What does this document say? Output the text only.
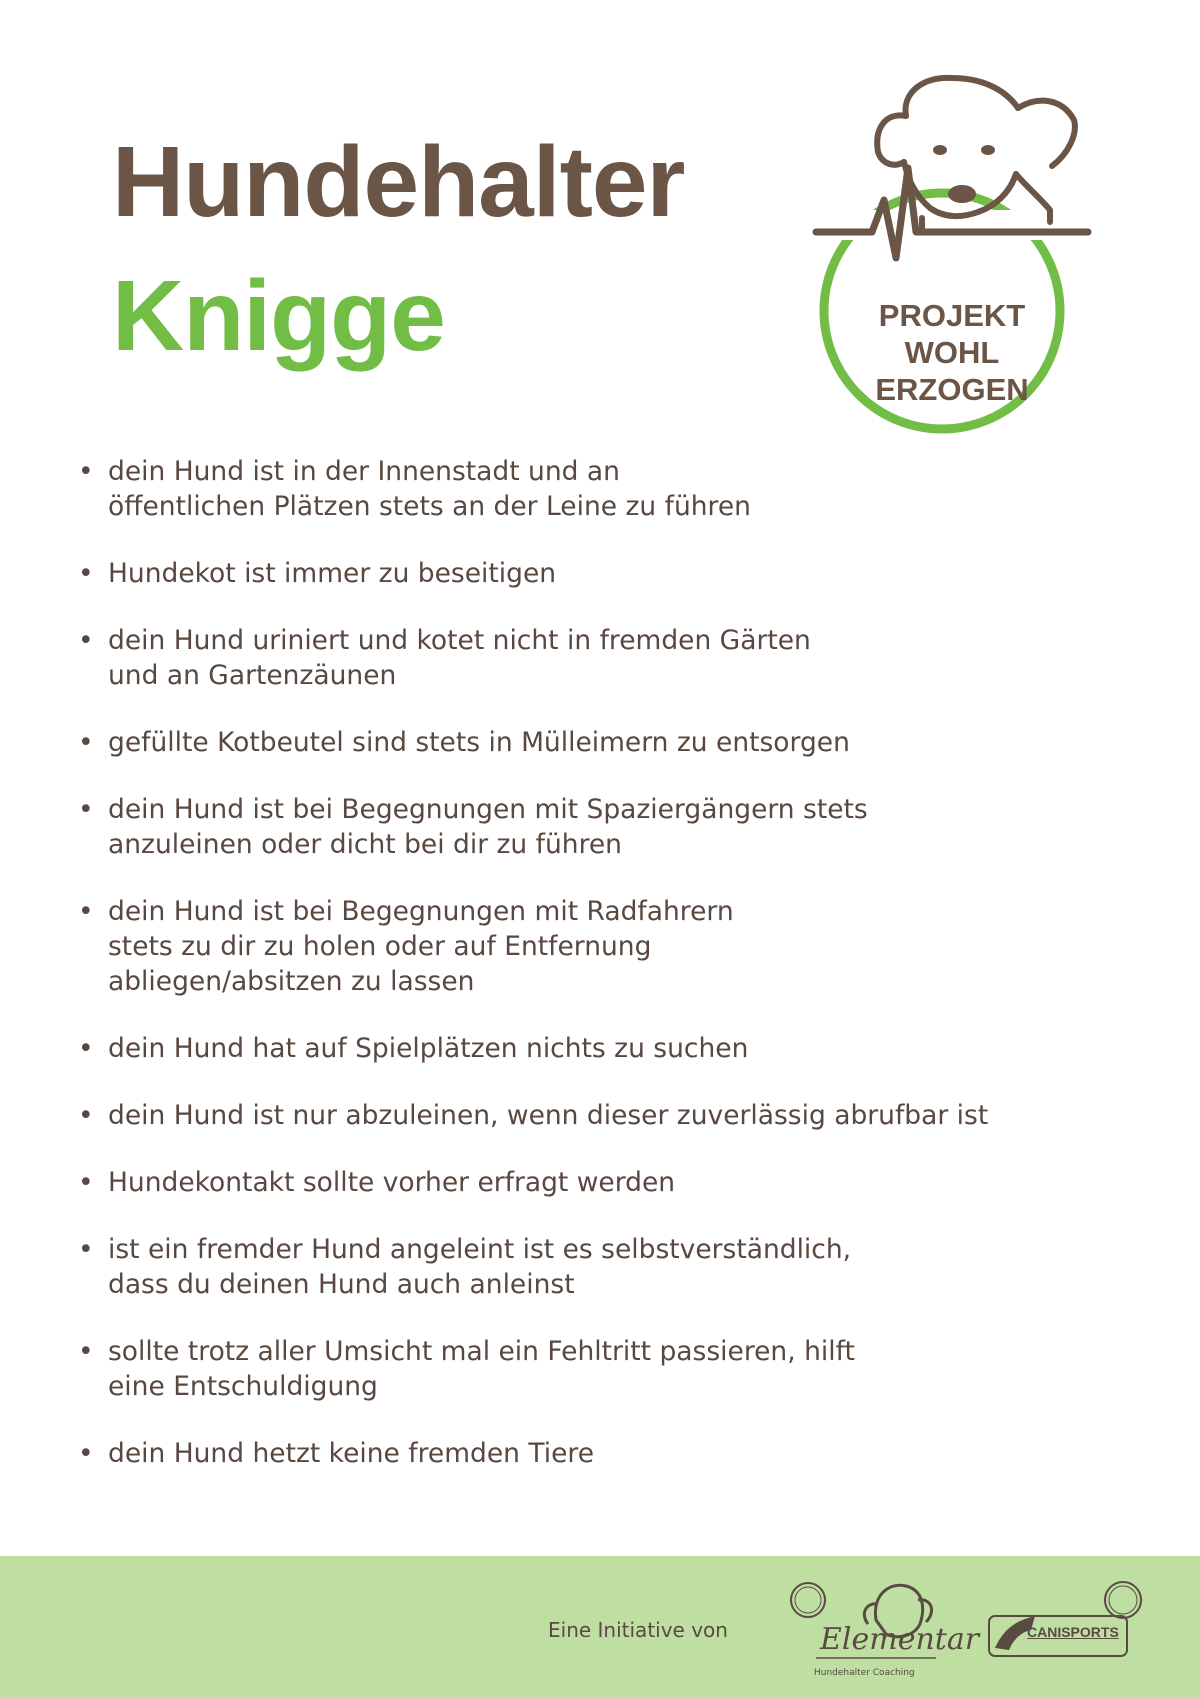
Hundehalter
Knigge	PROJEKT
WOHL
ERZOGEN
• dein Hund ist in der Innenstadt und an
öffentlichen Plätzen stets an der Leine zu führen
• Hundekot ist immer zu beseitigen
• dein Hund uriniert und kotet nicht in fremden Gärten
und an Gartenzäunen
• gefüllte Kotbeutel sind stets in Mülleimern zu entsorgen
• dein Hund ist bei Begegnungen mit Spaziergängern stets
anzuleinen oder dicht bei dir zu führen
• dein Hund ist bei Begegnungen mit Radfahrern
stets zu dir zu holen oder auf Entfernung
abliegen/absitzen zu lassen
• dein Hund hat auf Spielplätzen nichts zu suchen
• dein Hund ist nur abzuleinen, wenn dieser zuverlässig abrufbar ist
• Hundekontakt sollte vorher erfragt werden
• ist ein fremder Hund angeleint ist es selbstverständlich,
dass du deinen Hund auch anleinst
• sollte trotz aller Umsicht mal ein Fehltritt passieren, hilft
eine Entschuldigung
• dein Hund hetzt keine fremden Tiere
Eine Initiative von	Elementar
Hundehalter Coaching
CANISPORTS
